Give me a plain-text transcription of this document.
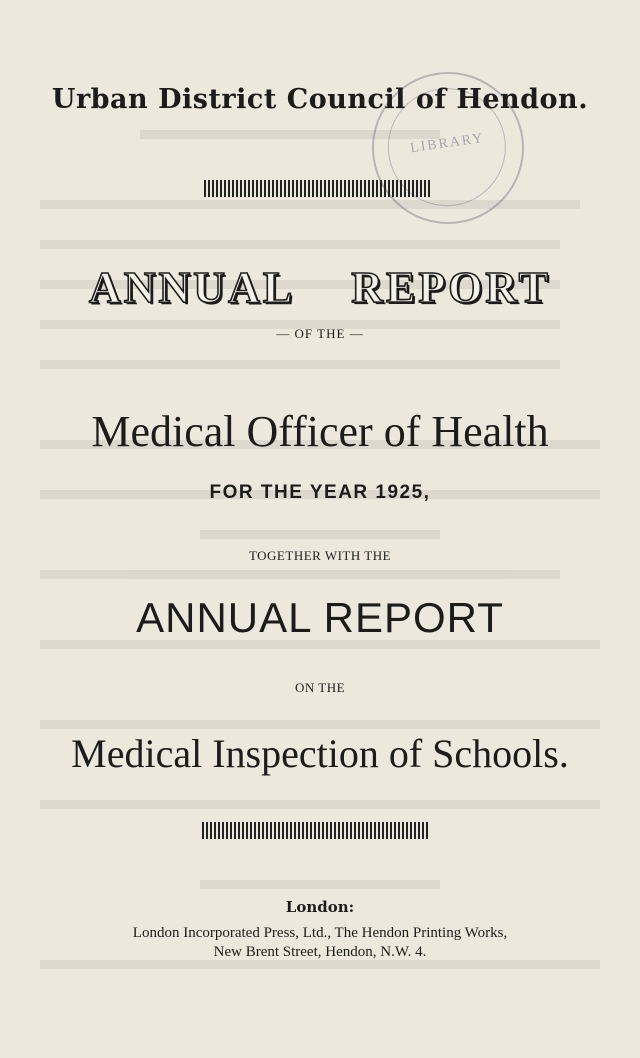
LIBRARY
Urban District Council of Hendon.
ANNUAL REPORT
— OF THE —
Medical Officer of Health
FOR THE YEAR 1925,
TOGETHER WITH THE
ANNUAL REPORT
ON THE
Medical Inspection of Schools.
London:
London Incorporated Press, Ltd., The Hendon Printing Works,
New Brent Street, Hendon, N.W. 4.
